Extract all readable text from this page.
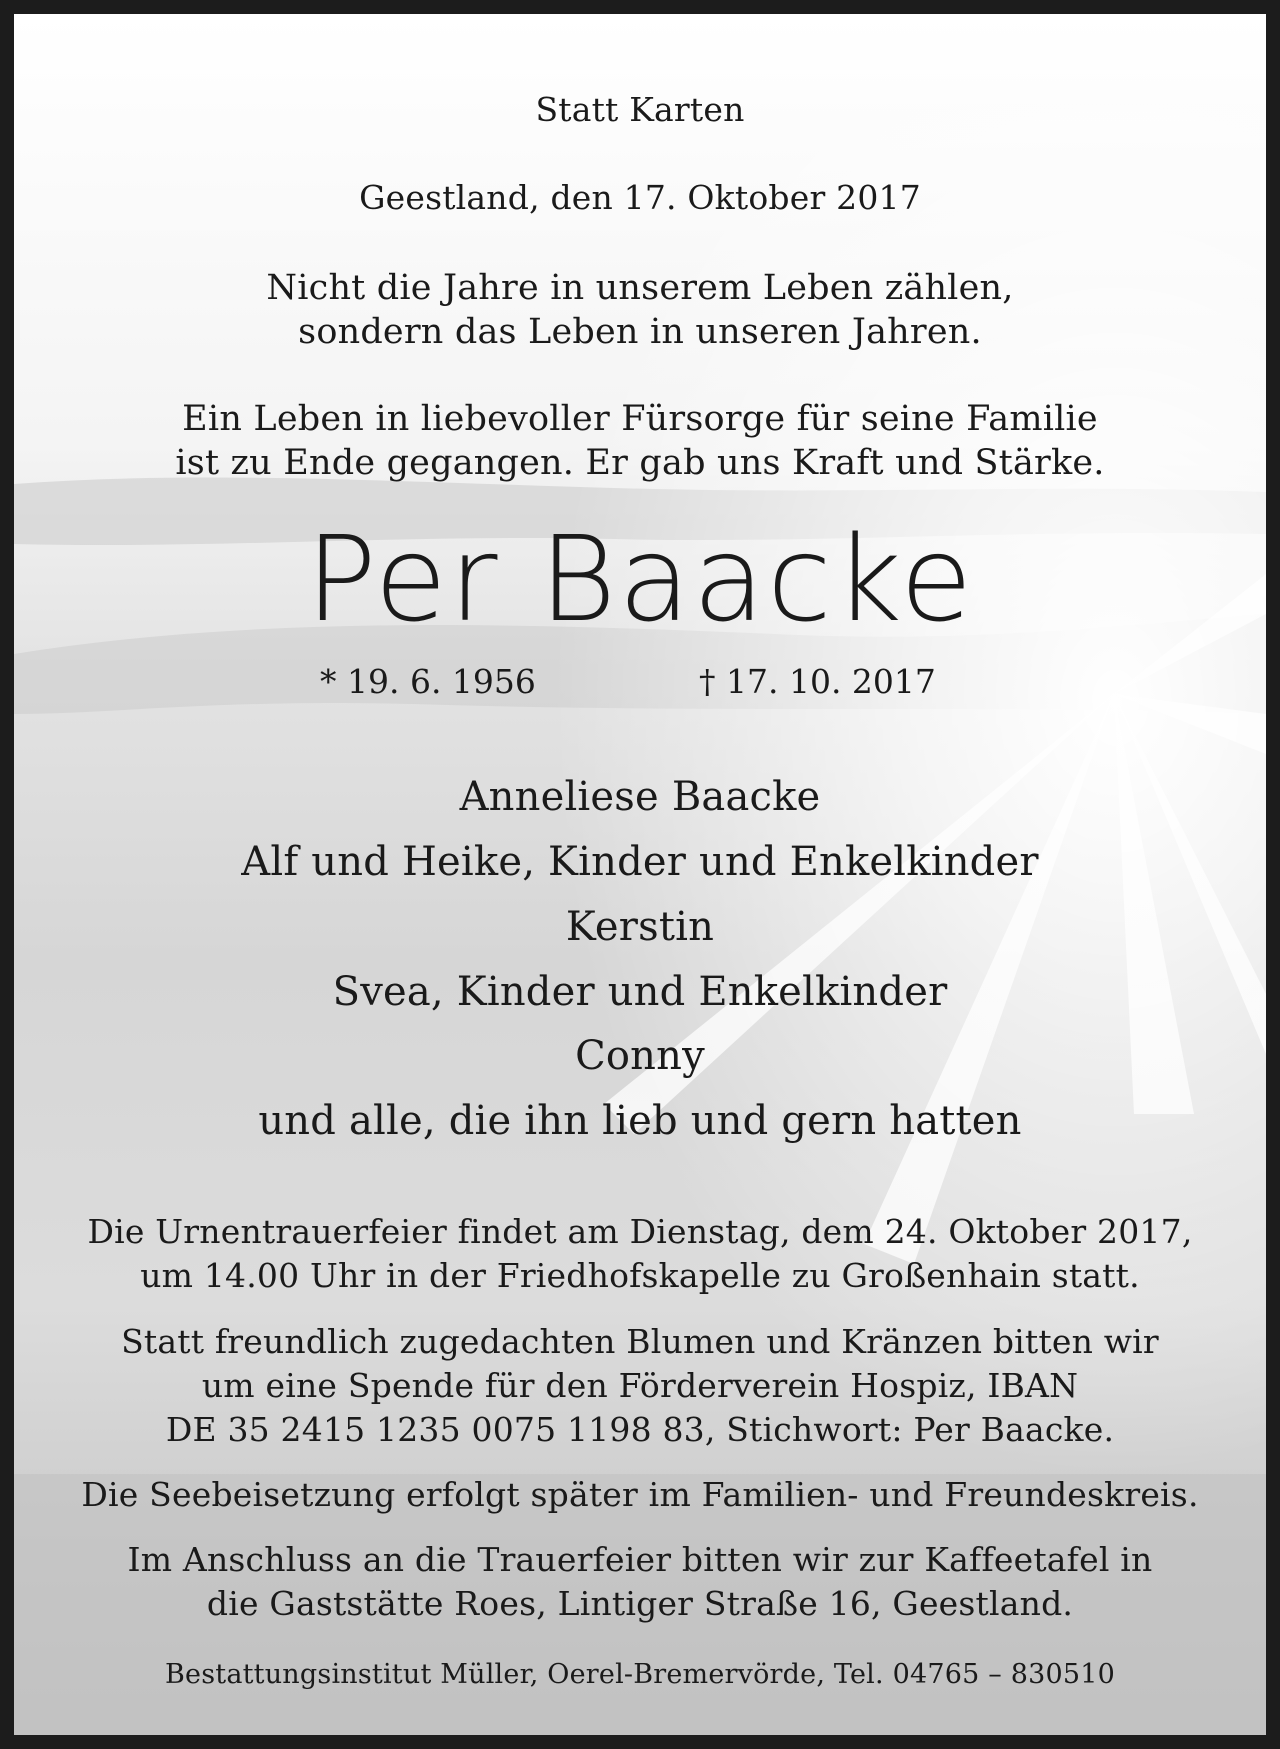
Statt Karten
Geestland, den 17. Oktober 2017
Nicht die Jahre in unserem Leben zählen,
sondern das Leben in unseren Jahren.
Ein Leben in liebevoller Fürsorge für seine Familie
ist zu Ende gegangen. Er gab uns Kraft und Stärke.
Per Baacke
* 19. 6. 1956	† 17. 10. 2017
Anneliese Baacke
Alf und Heike, Kinder und Enkelkinder
Kerstin
Svea, Kinder und Enkelkinder
Conny
und alle, die ihn lieb und gern hatten
Die Urnentrauerfeier findet am Dienstag, dem 24. Oktober 2017,
um 14.00 Uhr in der Friedhofskapelle zu Großenhain statt.
Statt freundlich zugedachten Blumen und Kränzen bitten wir
um eine Spende für den Förderverein Hospiz, IBAN
DE 35 2415 1235 0075 1198 83, Stichwort: Per Baacke.
Die Seebeisetzung erfolgt später im Familien- und Freundeskreis.
Im Anschluss an die Trauerfeier bitten wir zur Kaffeetafel in
die Gaststätte Roes, Lintiger Straße 16, Geestland.
Bestattungsinstitut Müller, Oerel-Bremervörde, Tel. 04765 – 830510
